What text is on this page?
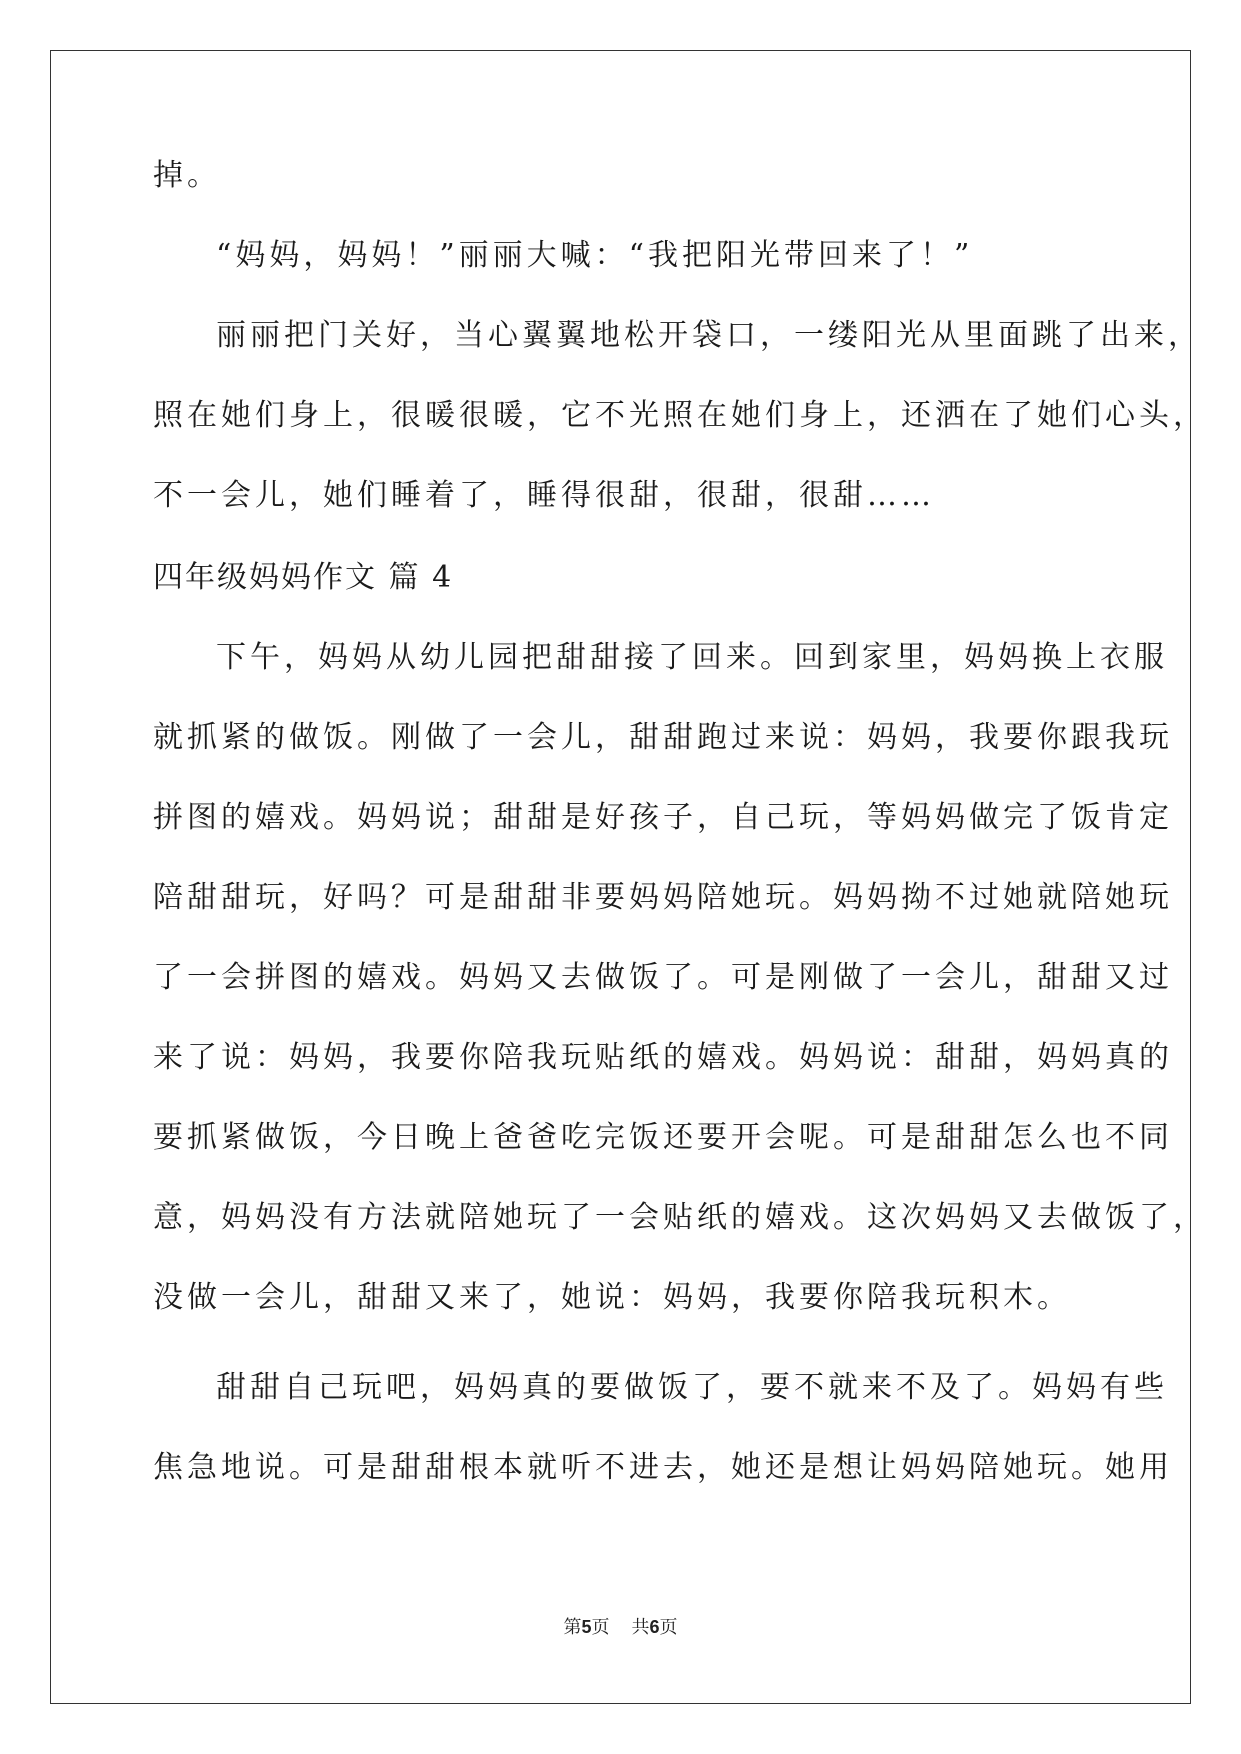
掉。
“妈妈，妈妈！”丽丽大喊：“我把阳光带回来了！”
丽丽把门关好，当心翼翼地松开袋口，一缕阳光从里面跳了出来，
照在她们身上，很暖很暖，它不光照在她们身上，还洒在了她们心头，
不一会儿，她们睡着了，睡得很甜，很甜，很甜……
四年级妈妈作文 篇 4
下午，妈妈从幼儿园把甜甜接了回来。回到家里，妈妈换上衣服
就抓紧的做饭。刚做了一会儿，甜甜跑过来说：妈妈，我要你跟我玩
拼图的嬉戏。妈妈说；甜甜是好孩子，自己玩，等妈妈做完了饭肯定
陪甜甜玩，好吗？可是甜甜非要妈妈陪她玩。妈妈拗不过她就陪她玩
了一会拼图的嬉戏。妈妈又去做饭了。可是刚做了一会儿，甜甜又过
来了说：妈妈，我要你陪我玩贴纸的嬉戏。妈妈说：甜甜，妈妈真的
要抓紧做饭，今日晚上爸爸吃完饭还要开会呢。可是甜甜怎么也不同
意，妈妈没有方法就陪她玩了一会贴纸的嬉戏。这次妈妈又去做饭了，
没做一会儿，甜甜又来了，她说：妈妈，我要你陪我玩积木。
甜甜自己玩吧，妈妈真的要做饭了，要不就来不及了。妈妈有些
焦急地说。可是甜甜根本就听不进去，她还是想让妈妈陪她玩。她用
第5页 共6页
